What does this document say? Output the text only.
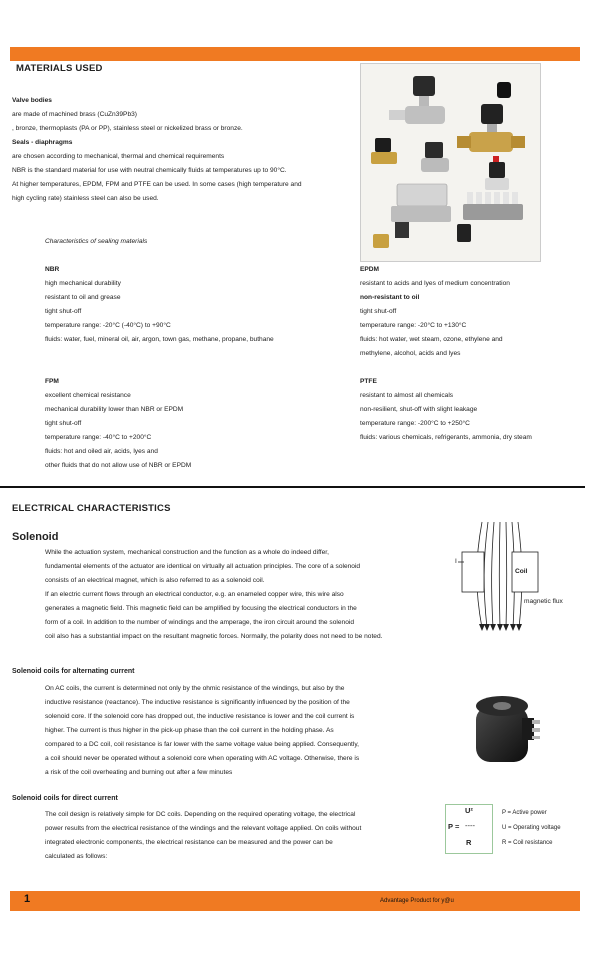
MATERIALS USED
Valve bodies
are made of machined brass (CuZn39Pb3)
, bronze, thermoplasts (PA or PP), stainless steel or nickelized brass or bronze.
Seals - diaphragms
are chosen according to mechanical, thermal and chemical requirements
NBR is the standard material for use with neutral chemically fluids at temperatures up to 90°C.
At higher temperatures, EPDM, FPM and PTFE can be used. In some cases (high temperature and
high cycling rate) stainless steel can also be used.
Characteristics of sealing materials
NBR
high mechanical durability
resistant to oil and grease
tight shut-off
temperature range: -20°C (-40°C) to +90°C
fluids: water, fuel, mineral oil, air, argon, town gas, methane, propane, buthane
EPDM
resistant to acids and lyes of medium concentration
non-resistant to oil
tight shut-off
temperature range: -20°C to +130°C
fluids: hot water, wet steam, ozone, ethylene and
methylene, alcohol, acids and lyes
FPM
excellent chemical resistance
mechanical durability lower than NBR or EPDM
tight shut-off
temperature range: -40°C to +200°C
fluids: hot and oiled air, acids, lyes and
other fluids that do not allow use of NBR or EPDM
PTFE
resistant to almost all chemicals
non-resilient, shut-off with slight leakage
temperature range: -200°C to +250°C
fluids: various chemicals, refrigerants, ammonia, dry steam
ELECTRICAL CHARACTERISTICS
Solenoid
While the actuation system, mechanical construction and the function as a whole do indeed differ,
fundamental elements of the actuator are identical on virtually all actuation principles. The core of a solenoid
consists of an electrical magnet, which is also referred to as a solenoid coil.
If an electric current flows through an electrical conductor, e.g. an enameled copper wire, this wire also
generates a magnetic field. This magnetic field can be amplified by focusing the electrical conductors in the
form of a coil. In addition to the number of windings and the amperage, the iron circuit around the solenoid
coil also has a substantial impact on the resultant magnetic forces. Normally, the polarity does not need to be noted.
I
Coil
magnetic flux
Solenoid coils for alternating current
On AC coils, the current is determined not only by the ohmic resistance of the windings, but also by the
inductive resistance (reactance). The inductive resistance is significantly influenced by the position of the
solenoid core. If the solenoid core has dropped out, the inductive resistance is lower and the coil current is
higher. The current is thus higher in the pick-up phase than the coil current in the holding phase. As
compared to a DC coil, coil resistance is far lower with the same voltage value being applied. Consequently,
a coil should never be operated without a solenoid core when operating with AC voltage. Otherwise, there is
a risk of the coil overheating and burning out after a few minutes
Solenoid coils for direct current
The coil design is relatively simple for DC coils. Depending on the required operating voltage, the electrical
power results from the electrical resistance of the windings and the relevant voltage applied. On coils without
integrated electronic components, the electrical resistance can be measured and the power can be
calculated as follows:
U²
P = ----
R
P = Active power
U = Operating voltage
R = Coil resistance
1	Advantage Product for y@u
